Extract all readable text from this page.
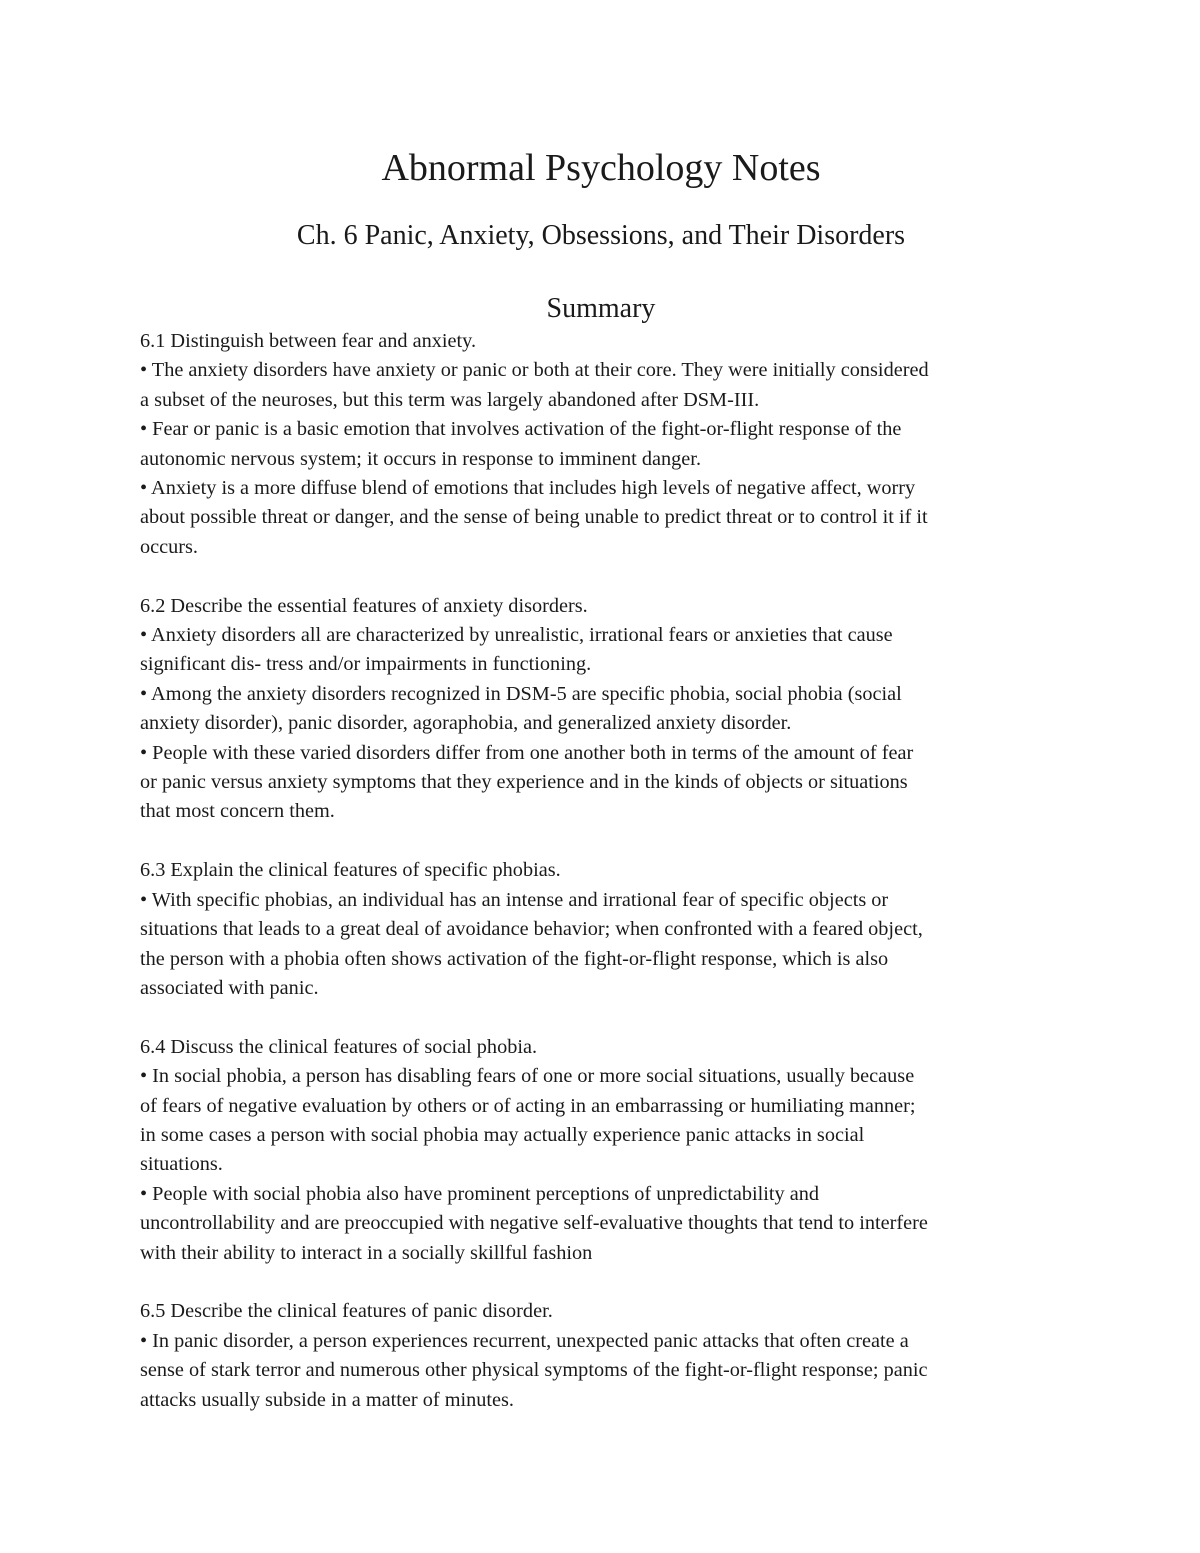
Abnormal Psychology Notes
Ch. 6 Panic, Anxiety, Obsessions, and Their Disorders
Summary
6.1 Distinguish between fear and anxiety.
• The anxiety disorders have anxiety or panic or both at their core. They were initially considered
a subset of the neuroses, but this term was largely abandoned after DSM-III.
• Fear or panic is a basic emotion that involves activation of the fight-or-flight response of the
autonomic nervous system; it occurs in response to imminent danger.
• Anxiety is a more diffuse blend of emotions that includes high levels of negative affect, worry
about possible threat or danger, and the sense of being unable to predict threat or to control it if it
occurs.
6.2 Describe the essential features of anxiety disorders.
• Anxiety disorders all are characterized by unrealistic, irrational fears or anxieties that cause
significant dis- tress and/or impairments in functioning.
• Among the anxiety disorders recognized in DSM-5 are specific phobia, social phobia (social
anxiety disorder), panic disorder, agoraphobia, and generalized anxiety disorder.
• People with these varied disorders differ from one another both in terms of the amount of fear
or panic versus anxiety symptoms that they experience and in the kinds of objects or situations
that most concern them.
6.3 Explain the clinical features of specific phobias.
• With specific phobias, an individual has an intense and irrational fear of specific objects or
situations that leads to a great deal of avoidance behavior; when confronted with a feared object,
the person with a phobia often shows activation of the fight-or-flight response, which is also
associated with panic.
6.4 Discuss the clinical features of social phobia.
• In social phobia, a person has disabling fears of one or more social situations, usually because
of fears of negative evaluation by others or of acting in an embarrassing or humiliating manner;
in some cases a person with social phobia may actually experience panic attacks in social
situations.
• People with social phobia also have prominent perceptions of unpredictability and
uncontrollability and are preoccupied with negative self-evaluative thoughts that tend to interfere
with their ability to interact in a socially skillful fashion
6.5 Describe the clinical features of panic disorder.
• In panic disorder, a person experiences recurrent, unexpected panic attacks that often create a
sense of stark terror and numerous other physical symptoms of the fight-or-flight response; panic
attacks usually subside in a matter of minutes.
